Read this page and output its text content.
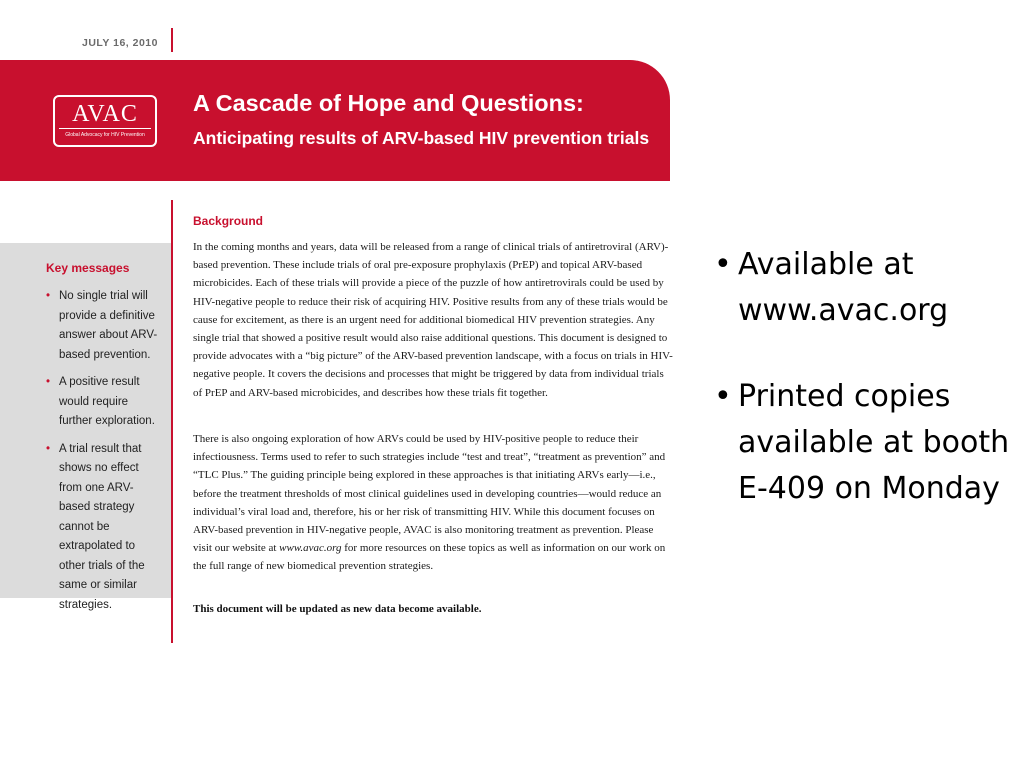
JULY 16, 2010
AVAC
Global Advocacy for HIV Prevention
A Cascade of Hope and Questions:
Anticipating results of ARV-based HIV prevention trials
Key messages
• No single trial will provide a definitive answer about ARV-based prevention.
• A positive result would require further exploration.
• A trial result that shows no effect from one ARV-based strategy cannot be extrapolated to other trials of the same or similar strategies.
Background

In the coming months and years, data will be released from a range of clinical trials of antiretroviral (ARV)-based prevention. These include trials of oral pre-exposure prophylaxis (PrEP) and topical ARV-based microbicides. Each of these trials will provide a piece of the puzzle of how antiretrovirals could be used by HIV-negative people to reduce their risk of acquiring HIV. Positive results from any of these trials would be cause for excitement, as there is an urgent need for additional biomedical HIV prevention strategies. Any single trial that showed a positive result would also raise additional questions. This document is designed to provide advocates with a “big picture” of the ARV-based prevention landscape, with a focus on trials in HIV-negative people. It covers the decisions and processes that might be triggered by data from individual trials of PrEP and ARV-based microbicides, and describes how these trials fit together.

There is also ongoing exploration of how ARVs could be used by HIV-positive people to reduce their infectiousness. Terms used to refer to such strategies include “test and treat”, “treatment as prevention” and “TLC Plus.” The guiding principle being explored in these approaches is that initiating ARVs early—i.e., before the treatment thresholds of most clinical guidelines used in developing countries—would reduce an individual’s viral load and, therefore, his or her risk of transmitting HIV. While this document focuses on ARV-based prevention in HIV-negative people, AVAC is also monitoring treatment as prevention. Please visit our website at www.avac.org for more resources on these topics as well as information on our work on the full range of new biomedical prevention strategies.

This document will be updated as new data become available.

• Available at www.avac.org
• Printed copies available at booth E-409 on Monday
